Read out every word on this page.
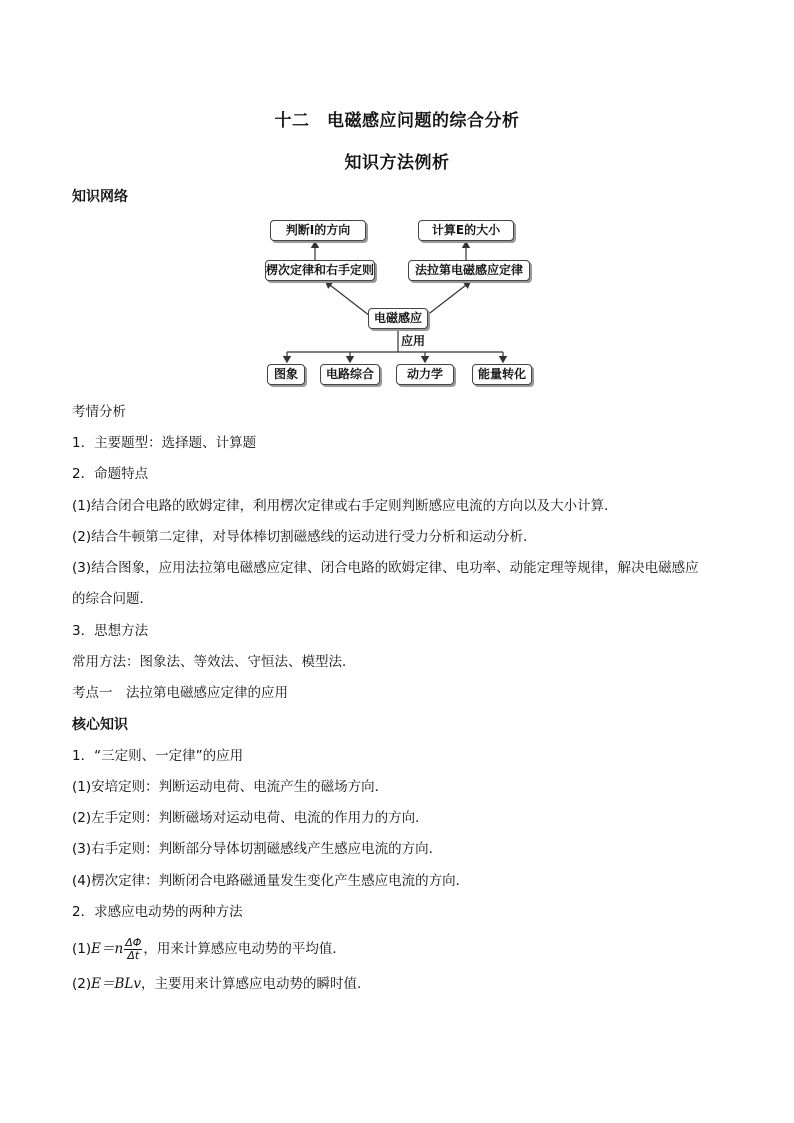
十二　电磁感应问题的综合分析
知识方法例析
知识网络
判断I的方向	计算E的大小
楞次定律和右手定则	法拉第电磁感应定律
电磁感应
应用
图象	电路综合	动力学	能量转化
考情分析
1．主要题型：选择题、计算题
2．命题特点
(1)结合闭合电路的欧姆定律，利用楞次定律或右手定则判断感应电流的方向以及大小计算．
(2)结合牛顿第二定律，对导体棒切割磁感线的运动进行受力分析和运动分析．
(3)结合图象，应用法拉第电磁感应定律、闭合电路的欧姆定律、电功率、动能定理等规律，解决电磁感应
的综合问题．
3．思想方法
常用方法：图象法、等效法、守恒法、模型法．
考点一　法拉第电磁感应定律的应用
核心知识
1．“三定则、一定律”的应用
(1)安培定则：判断运动电荷、电流产生的磁场方向．
(2)左手定则：判断磁场对运动电荷、电流的作用力的方向．
(3)右手定则：判断部分导体切割磁感线产生感应电流的方向．
(4)楞次定律：判断闭合电路磁通量发生变化产生感应电流的方向．
2．求感应电动势的两种方法
$(1)E=n \frac{\Delta\Phi}{\Delta t}$ ，用来计算感应电动势的平均值．
(2)E＝BLv，主要用来计算感应电动势的瞬时值．
